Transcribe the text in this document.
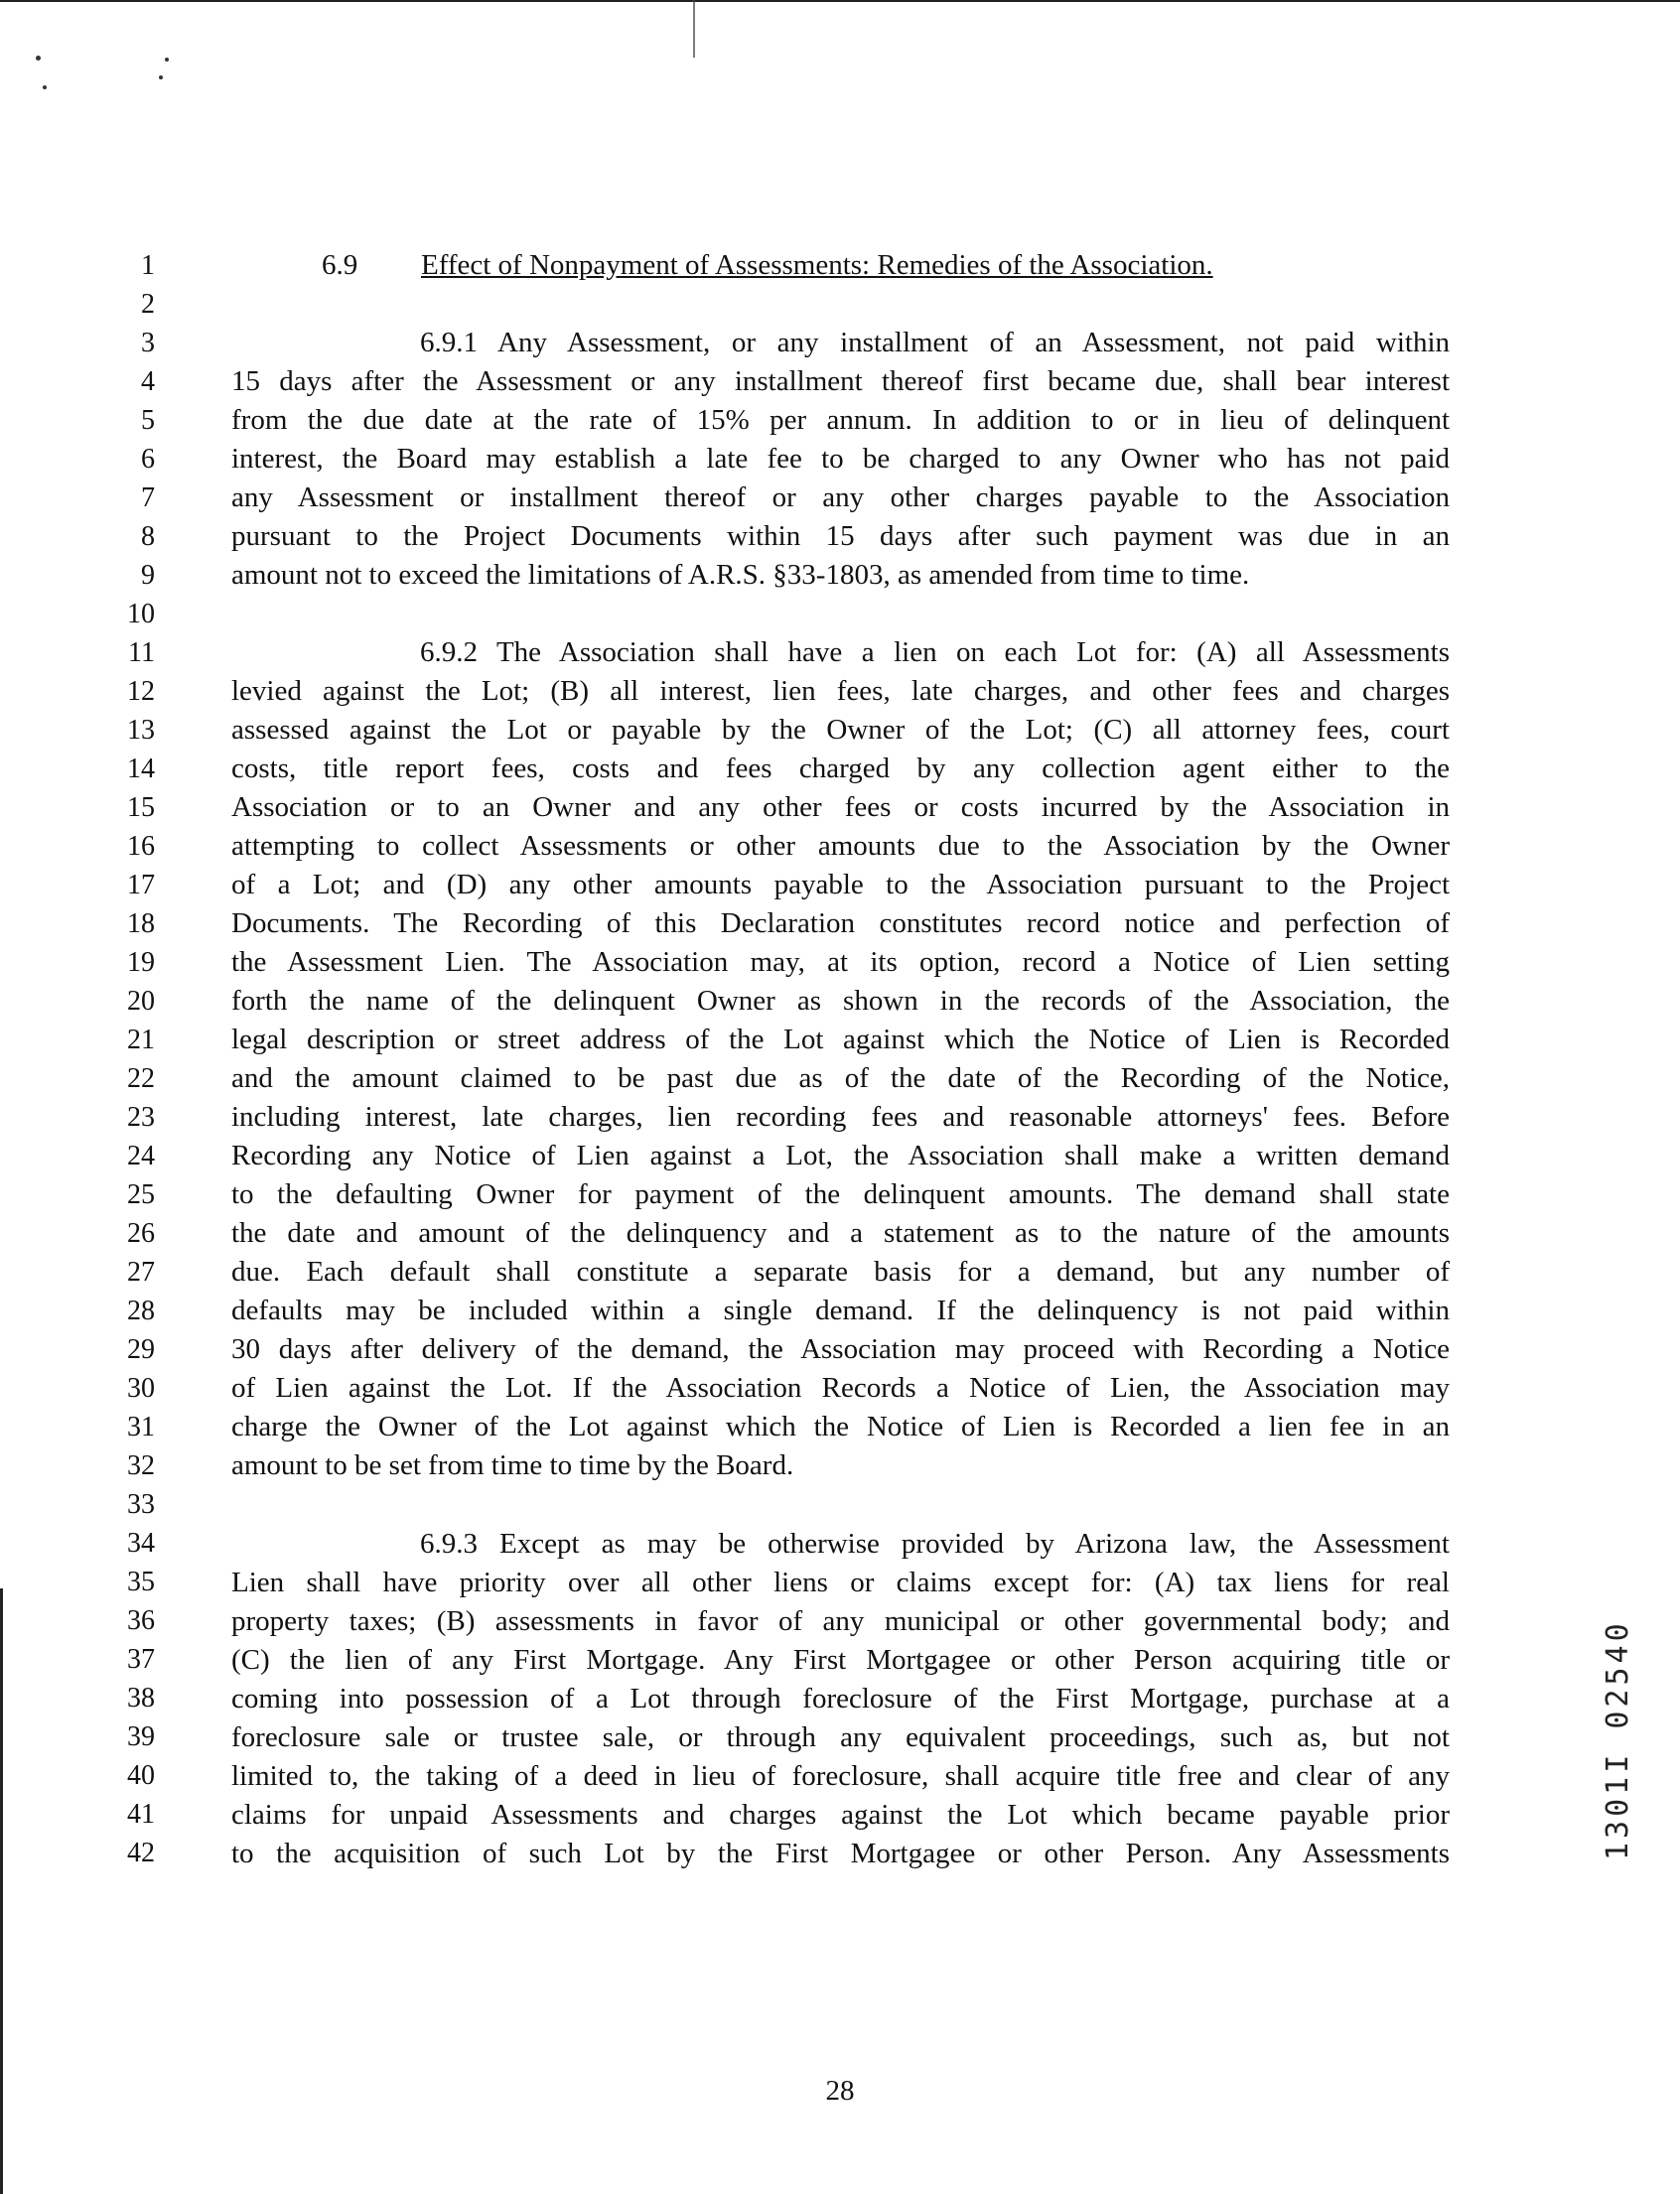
1
2
3
4
5
6
7
8
9
10
11
12
13
14
15
16
17
18
19
20
21
22
23
24
25
26
27
28
29
30
31
32
33
34
35
36
37
38
39
40
41
42
6.9 Effect of Nonpayment of Assessments: Remedies of the Association.
6.9.1 Any Assessment, or any installment of an Assessment, not paid within
15 days after the Assessment or any installment thereof first became due, shall bear interest
from the due date at the rate of 15% per annum. In addition to or in lieu of delinquent
interest, the Board may establish a late fee to be charged to any Owner who has not paid
any Assessment or installment thereof or any other charges payable to the Association
pursuant to the Project Documents within 15 days after such payment was due in an
amount not to exceed the limitations of A.R.S. §33-1803, as amended from time to time.
6.9.2 The Association shall have a lien on each Lot for: (A) all Assessments
levied against the Lot; (B) all interest, lien fees, late charges, and other fees and charges
assessed against the Lot or payable by the Owner of the Lot; (C) all attorney fees, court
costs, title report fees, costs and fees charged by any collection agent either to the
Association or to an Owner and any other fees or costs incurred by the Association in
attempting to collect Assessments or other amounts due to the Association by the Owner
of a Lot; and (D) any other amounts payable to the Association pursuant to the Project
Documents. The Recording of this Declaration constitutes record notice and perfection of
the Assessment Lien. The Association may, at its option, record a Notice of Lien setting
forth the name of the delinquent Owner as shown in the records of the Association, the
legal description or street address of the Lot against which the Notice of Lien is Recorded
and the amount claimed to be past due as of the date of the Recording of the Notice,
including interest, late charges, lien recording fees and reasonable attorneys' fees. Before
Recording any Notice of Lien against a Lot, the Association shall make a written demand
to the defaulting Owner for payment of the delinquent amounts. The demand shall state
the date and amount of the delinquency and a statement as to the nature of the amounts
due. Each default shall constitute a separate basis for a demand, but any number of
defaults may be included within a single demand. If the delinquency is not paid within
30 days after delivery of the demand, the Association may proceed with Recording a Notice
of Lien against the Lot. If the Association Records a Notice of Lien, the Association may
charge the Owner of the Lot against which the Notice of Lien is Recorded a lien fee in an
amount to be set from time to time by the Board.
6.9.3 Except as may be otherwise provided by Arizona law, the Assessment
Lien shall have priority over all other liens or claims except for: (A) tax liens for real
property taxes; (B) assessments in favor of any municipal or other governmental body; and
(C) the lien of any First Mortgage. Any First Mortgagee or other Person acquiring title or
coming into possession of a Lot through foreclosure of the First Mortgage, purchase at a
foreclosure sale or trustee sale, or through any equivalent proceedings, such as, but not
limited to, the taking of a deed in lieu of foreclosure, shall acquire title free and clear of any
claims for unpaid Assessments and charges against the Lot which became payable prior
to the acquisition of such Lot by the First Mortgagee or other Person. Any Assessments
28
1301I 02540
